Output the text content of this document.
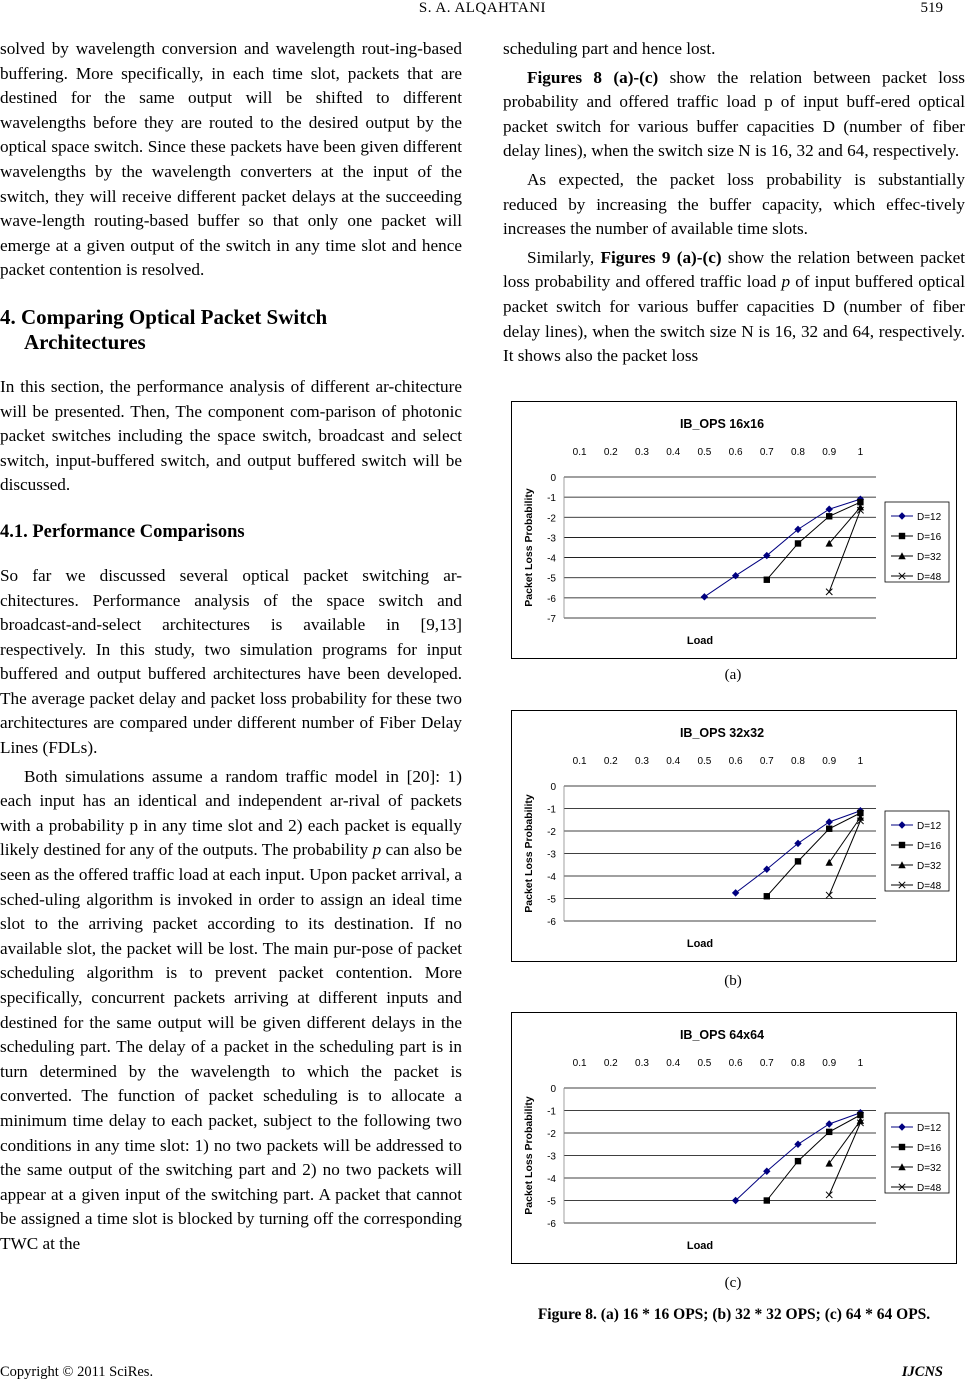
S. A. ALQAHTANI	519

solved by wavelength conversion and wavelength rout-ing-based buffering. More specifically, in each time slot, packets that are destined for the same output will be shifted to different wavelengths before they are routed to the desired output by the optical space switch. Since these packets have been given different wavelengths by the wavelength converters at the input of the switch, they will receive different packet delays at the succeeding wave-length routing-based buffer so that only one packet will emerge at a given output of the switch in any time slot and hence packet contention is resolved.

4. Comparing Optical Packet Switch
Architectures

In this section, the performance analysis of different ar-chitecture will be presented. Then, The component com-parison of photonic packet switches including the space switch, broadcast and select switch, input-buffered switch, and output buffered switch will be discussed.

4.1. Performance Comparisons

So far we discussed several optical packet switching ar-chitectures. Performance analysis of the space switch and broadcast-and-select architectures is available in [9,13] respectively. In this study, two simulation programs for input buffered and output buffered architectures have been developed. The average packet delay and packet loss probability for these two architectures are compared under different number of Fiber Delay Lines (FDLs).

Both simulations assume a random traffic model in [20]: 1) each input has an identical and independent ar-rival of packets with a probability p in any time slot and 2) each packet is equally likely destined for any of the outputs. The probability p can also be seen as the offered traffic load at each input. Upon packet arrival, a sched-uling algorithm is invoked in order to assign an ideal time slot to the arriving packet according to its destination. If no available slot, the packet will be lost. The main pur-pose of packet scheduling algorithm is to prevent packet contention. More specifically, concurrent packets arriving at different inputs and destined for the same output will be given different delays in the scheduling part. The delay of a packet in the scheduling part is in turn determined by the wavelength to which the packet is converted. The function of packet scheduling is to allocate a minimum time delay to each packet, subject to the following two conditions in any time slot: 1) no two packets will be addressed to the same output of the switching part and 2) no two packets will appear at a given input of the switching part. A packet that cannot be assigned a time slot is blocked by turning off the corresponding TWC at the

scheduling part and hence lost.

Figures 8 (a)-(c) show the relation between packet loss probability and offered traffic load p of input buff-ered optical packet switch for various buffer capacities D (number of fiber delay lines), when the switch size N is 16, 32 and 64, respectively.

As expected, the packet loss probability is substantially reduced by increasing the buffer capacity, which effec-tively increases the number of available time slots.

Similarly, Figures 9 (a)-(c) show the relation between packet loss probability and offered traffic load p of input buffered optical packet switch for various buffer capacities D (number of fiber delay lines), when the switch size N is 16, 32 and 64, respectively. It shows also the packet loss

IB_OPS 16x16
0.1 0.2 0.3 0.4 0.5 0.6 0.7 0.8 0.9 1
0
-1
-2
-3
-4
-5
-6
-7
Packet Loss Probability
Load
D=12
D=16
D=32
D=48
(a)
IB_OPS 32x32
0.1 0.2 0.3 0.4 0.5 0.6 0.7 0.8 0.9 1
0
-1
-2
-3
-4
-5
-6
Packet Loss Probability
Load
D=12
D=16
D=32
D=48
(b)
IB_OPS 64x64
0.1 0.2 0.3 0.4 0.5 0.6 0.7 0.8 0.9 1
0
-1
-2
-3
-4
-5
-6
Packet Loss Probability
Load
D=12
D=16
D=32
D=48
(c)
Figure 8. (a) 16 * 16 OPS; (b) 32 * 32 OPS; (c) 64 * 64 OPS.
Copyright © 2011 SciRes.	IJCNS
